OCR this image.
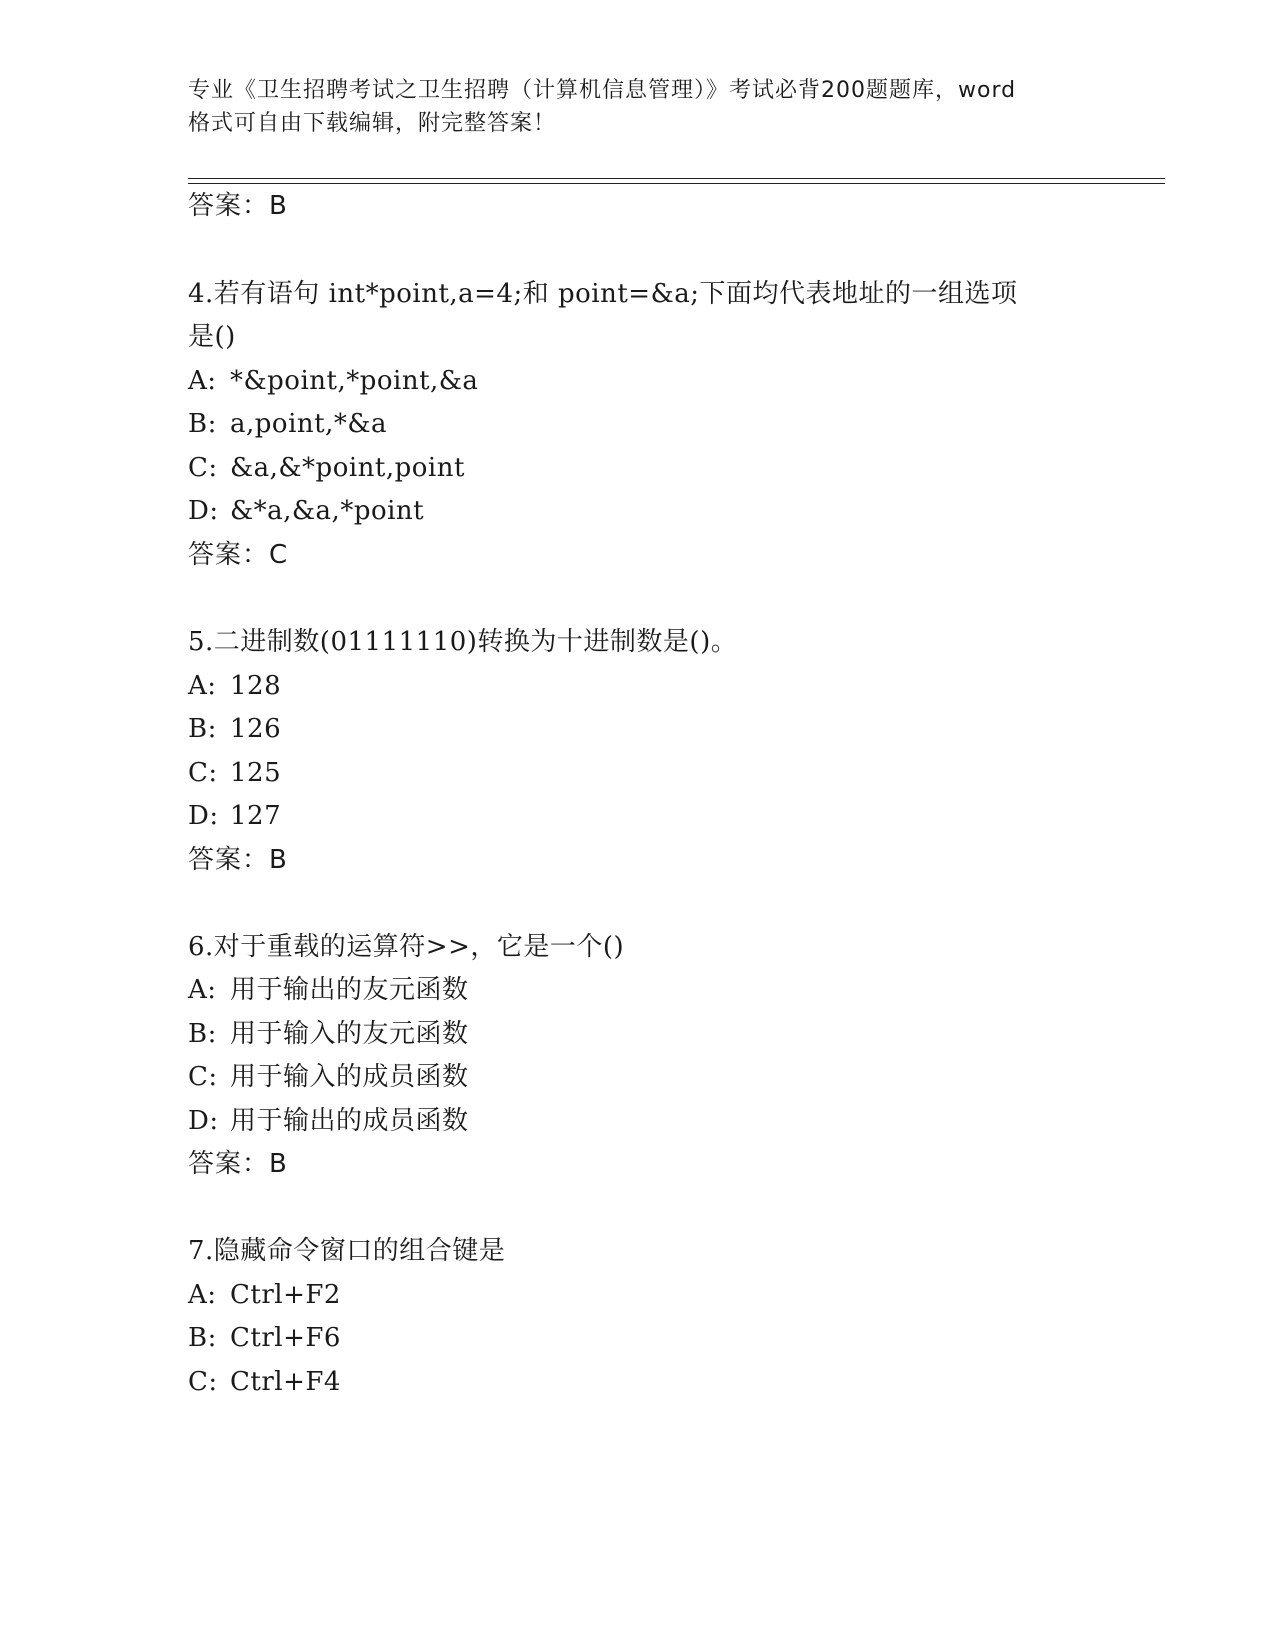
专业《卫生招聘考试之卫生招聘（计算机信息管理）》考试必背200题题库，word
格式可自由下载编辑，附完整答案！
答案：B
4.若有语句 int*point,a=4;和 point=&a;下面均代表地址的一组选项
是()
A: *&point,*point,&a
B: a,point,*&a
C: &a,&*point,point
D: &*a,&a,*point
答案：C
5.二进制数(01111110)转换为十进制数是()。
A: 128
B: 126
C: 125
D: 127
答案：B
6.对于重载的运算符>>，它是一个()
A: 用于输出的友元函数
B: 用于输入的友元函数
C: 用于输入的成员函数
D: 用于输出的成员函数
答案：B
7.隐藏命令窗口的组合键是
A: Ctrl+F2
B: Ctrl+F6
C: Ctrl+F4
